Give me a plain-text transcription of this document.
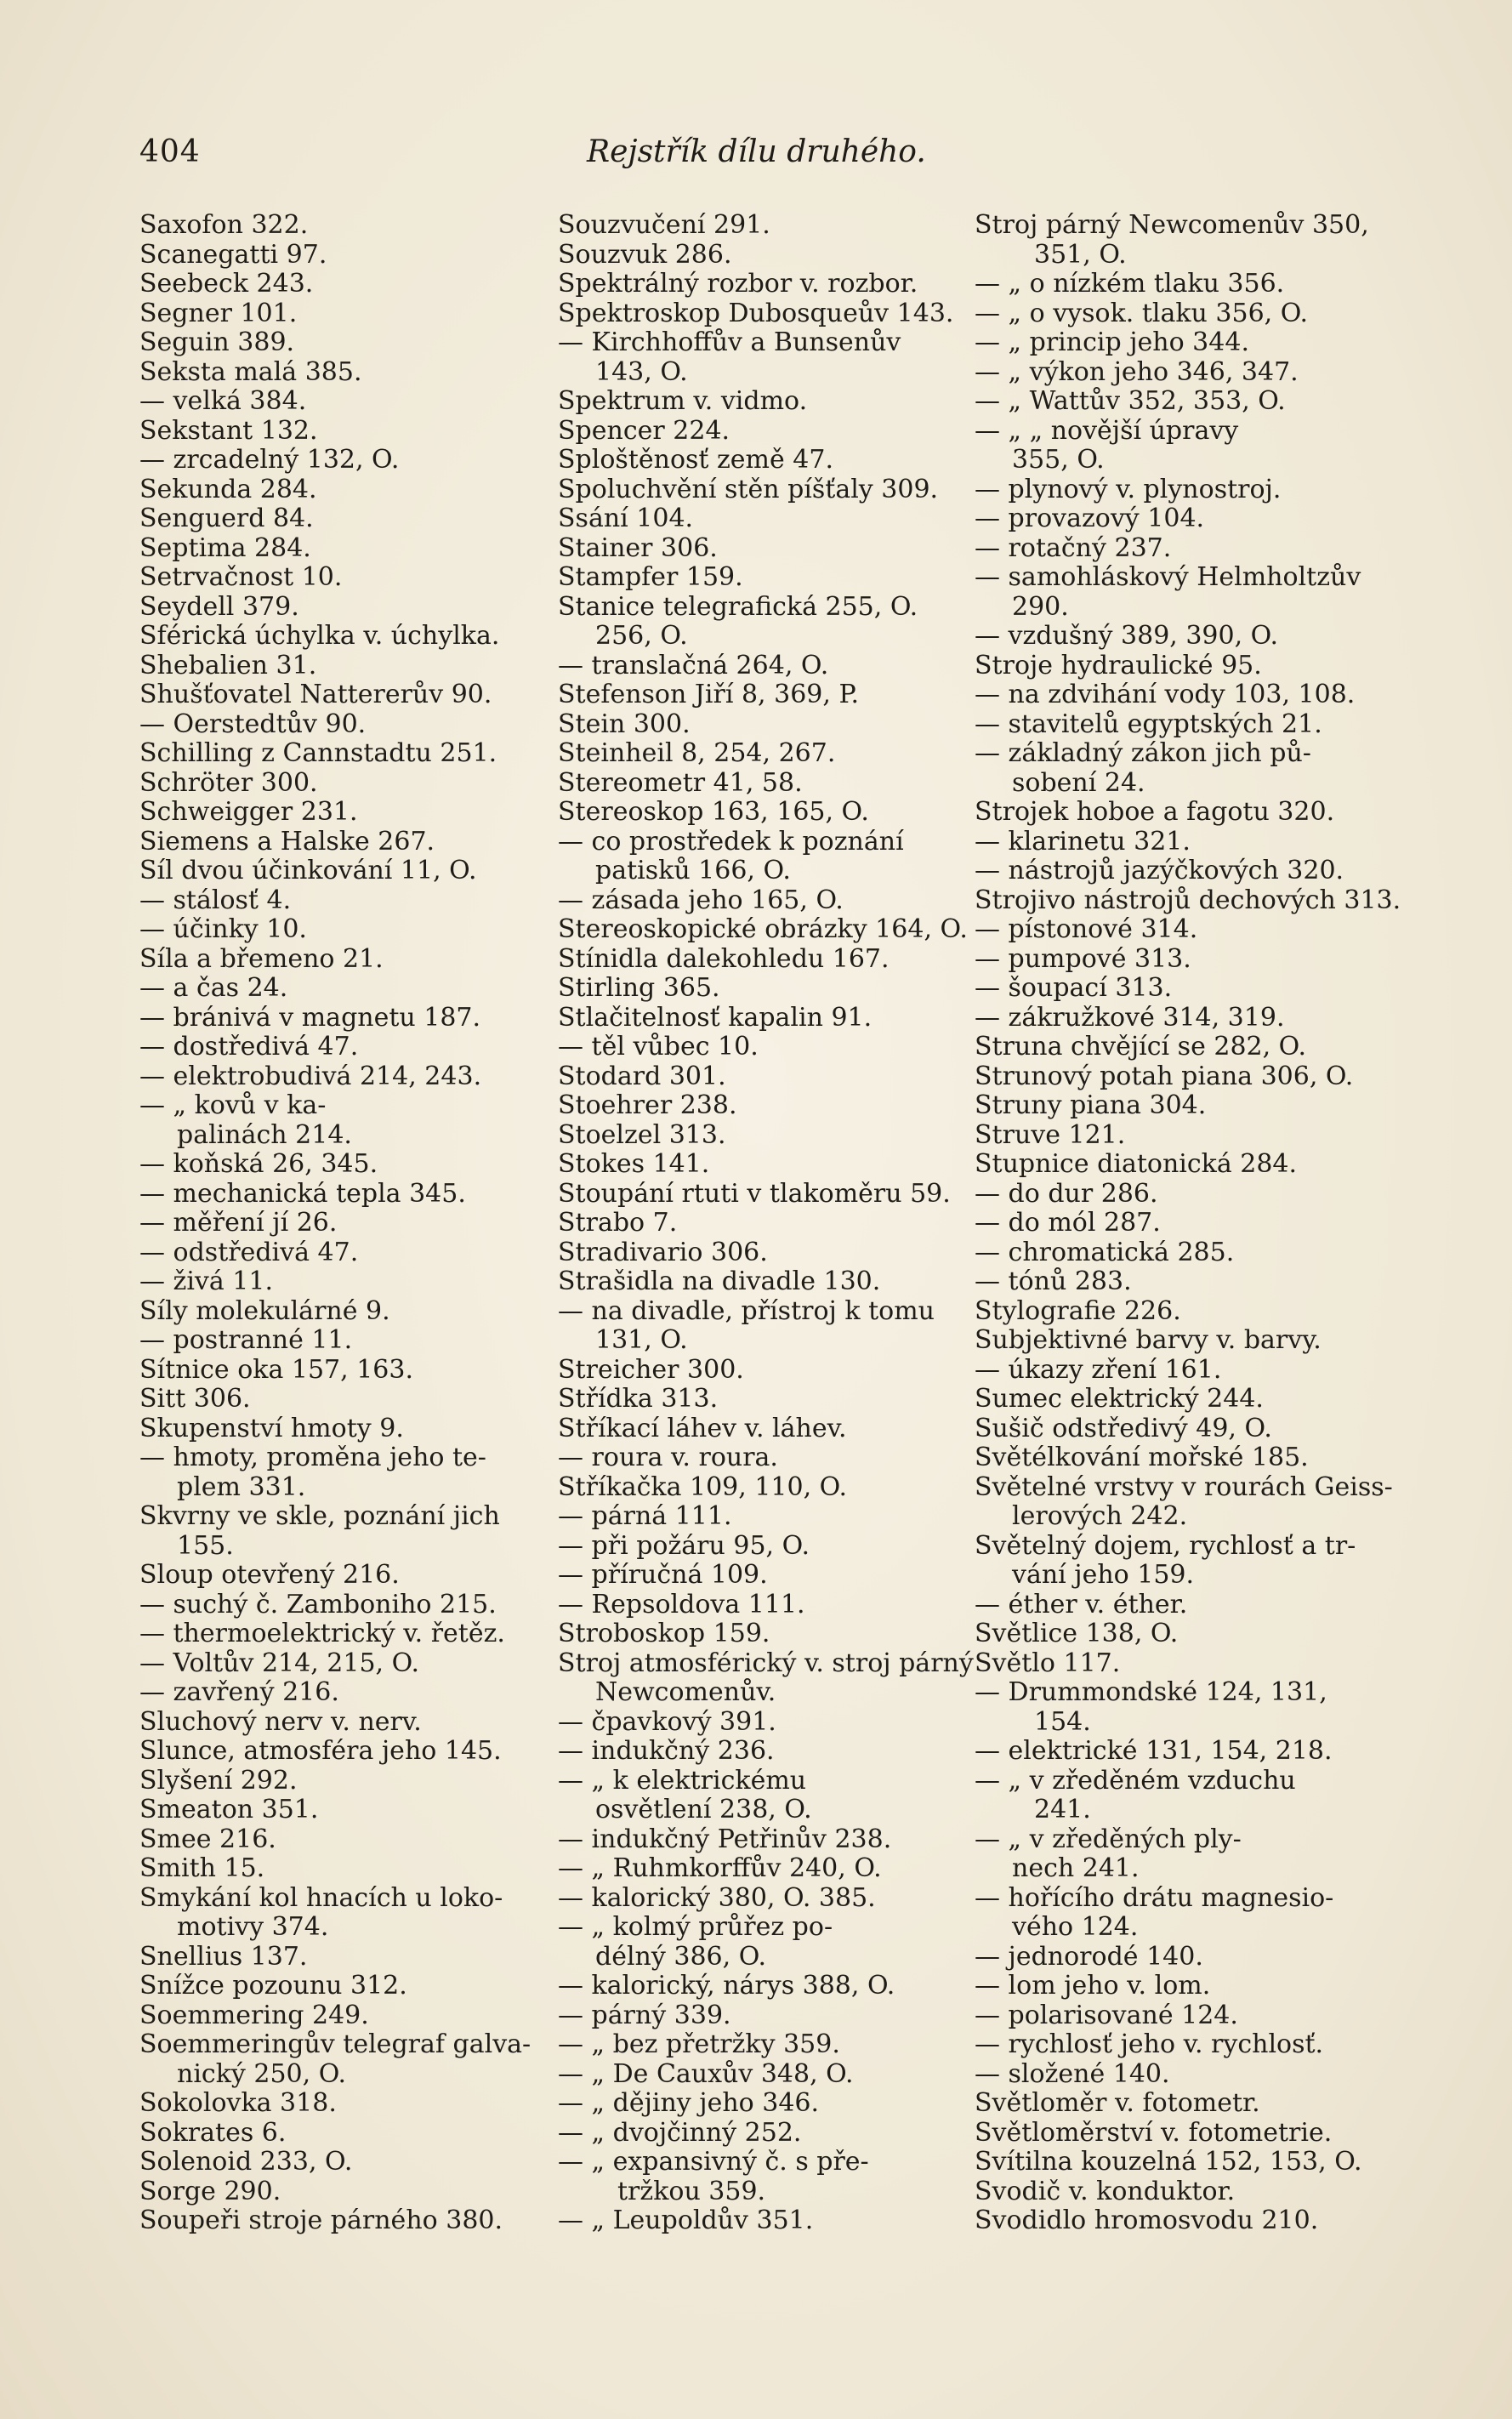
404	Rejstřík dílu druhého.
Saxofon 322.
Scanegatti 97.
Seebeck 243.
Segner 101.
Seguin 389.
Seksta malá 385.
— velká 384.
Sekstant 132.
— zrcadelný 132, O.
Sekunda 284.
Senguerd 84.
Septima 284.
Setrvačnost 10.
Seydell 379.
Sférická úchylka v. úchylka.
Shebalien 31.
Shušťovatel Nattererův 90.
— Oerstedtův 90.
Schilling z Cannstadtu 251.
Schröter 300.
Schweigger 231.
Siemens a Halske 267.
Síl dvou účinkování 11, O.
— stálosť 4.
— účinky 10.
Síla a břemeno 21.
— a čas 24.
— bránivá v magnetu 187.
— dostředivá 47.
— elektrobudivá 214, 243.
— „ kovů v ka-
palinách 214.
— koňská 26, 345.
— mechanická tepla 345.
— měření jí 26.
— odstředivá 47.
— živá 11.
Síly molekulárné 9.
— postranné 11.
Sítnice oka 157, 163.
Sitt 306.
Skupenství hmoty 9.
— hmoty, proměna jeho te-
plem 331.
Skvrny ve skle, poznání jich
155.
Sloup otevřený 216.
— suchý č. Zamboniho 215.
— thermoelektrický v. řetěz.
— Voltův 214, 215, O.
— zavřený 216.
Sluchový nerv v. nerv.
Slunce, atmosféra jeho 145.
Slyšení 292.
Smeaton 351.
Smee 216.
Smith 15.
Smykání kol hnacích u loko-
motivy 374.
Snellius 137.
Snížce pozounu 312.
Soemmering 249.
Soemmeringův telegraf galva-
nický 250, O.
Sokolovka 318.
Sokrates 6.
Solenoid 233, O.
Sorge 290.
Soupeři stroje párného 380.
Souzvučení 291.
Souzvuk 286.
Spektrálný rozbor v. rozbor.
Spektroskop Dubosqueův 143.
— Kirchhoffův a Bunsenův
143, O.
Spektrum v. vidmo.
Spencer 224.
Sploštěnosť země 47.
Spoluchvění stěn píšťaly 309.
Ssání 104.
Stainer 306.
Stampfer 159.
Stanice telegrafická 255, O.
256, O.
— translačná 264, O.
Stefenson Jiří 8, 369, P.
Stein 300.
Steinheil 8, 254, 267.
Stereometr 41, 58.
Stereoskop 163, 165, O.
— co prostředek k poznání
patisků 166, O.
— zásada jeho 165, O.
Stereoskopické obrázky 164, O.
Stínidla dalekohledu 167.
Stirling 365.
Stlačitelnosť kapalin 91.
— těl vůbec 10.
Stodard 301.
Stoehrer 238.
Stoelzel 313.
Stokes 141.
Stoupání rtuti v tlakoměru 59.
Strabo 7.
Stradivario 306.
Strašidla na divadle 130.
— na divadle, přístroj k tomu
131, O.
Streicher 300.
Střídka 313.
Stříkací láhev v. láhev.
— roura v. roura.
Stříkačka 109, 110, O.
— párná 111.
— při požáru 95, O.
— příručná 109.
— Repsoldova 111.
Stroboskop 159.
Stroj atmosférický v. stroj párný
Newcomenův.
— čpavkový 391.
— indukčný 236.
— „ k elektrickému
osvětlení 238, O.
— indukčný Petřinův 238.
— „ Ruhmkorffův 240, O.
— kalorický 380, O. 385.
— „ kolmý průřez po-
délný 386, O.
— kalorický, nárys 388, O.
— párný 339.
— „ bez přetržky 359.
— „ De Cauxův 348, O.
— „ dějiny jeho 346.
— „ dvojčinný 252.
— „ expansivný č. s pře-
tržkou 359.
— „ Leupoldův 351.
Stroj párný Newcomenův 350,
351, O.
— „ o nízkém tlaku 356.
— „ o vysok. tlaku 356, O.
— „ princip jeho 344.
— „ výkon jeho 346, 347.
— „ Wattův 352, 353, O.
— „ „ novější úpravy
355, O.
— plynový v. plynostroj.
— provazový 104.
— rotačný 237.
— samohláskový Helmholtzův
290.
— vzdušný 389, 390, O.
Stroje hydraulické 95.
— na zdvihání vody 103, 108.
— stavitelů egyptských 21.
— základný zákon jich pů-
sobení 24.
Strojek hoboe a fagotu 320.
— klarinetu 321.
— nástrojů jazýčkových 320.
Strojivo nástrojů dechových 313.
— pístonové 314.
— pumpové 313.
— šoupací 313.
— zákružkové 314, 319.
Struna chvějící se 282, O.
Strunový potah piana 306, O.
Struny piana 304.
Struve 121.
Stupnice diatonická 284.
— do dur 286.
— do mól 287.
— chromatická 285.
— tónů 283.
Stylografie 226.
Subjektivné barvy v. barvy.
— úkazy zření 161.
Sumec elektrický 244.
Sušič odstředivý 49, O.
Světélkování mořské 185.
Světelné vrstvy v rourách Geiss-
lerových 242.
Světelný dojem, rychlosť a tr-
vání jeho 159.
— éther v. éther.
Světlice 138, O.
Světlo 117.
— Drummondské 124, 131,
154.
— elektrické 131, 154, 218.
— „ v zředěném vzduchu
241.
— „ v zředěných ply-
nech 241.
— hořícího drátu magnesio-
vého 124.
— jednorodé 140.
— lom jeho v. lom.
— polarisované 124.
— rychlosť jeho v. rychlosť.
— složené 140.
Světloměr v. fotometr.
Světloměrství v. fotometrie.
Svítilna kouzelná 152, 153, O.
Svodič v. konduktor.
Svodidlo hromosvodu 210.
